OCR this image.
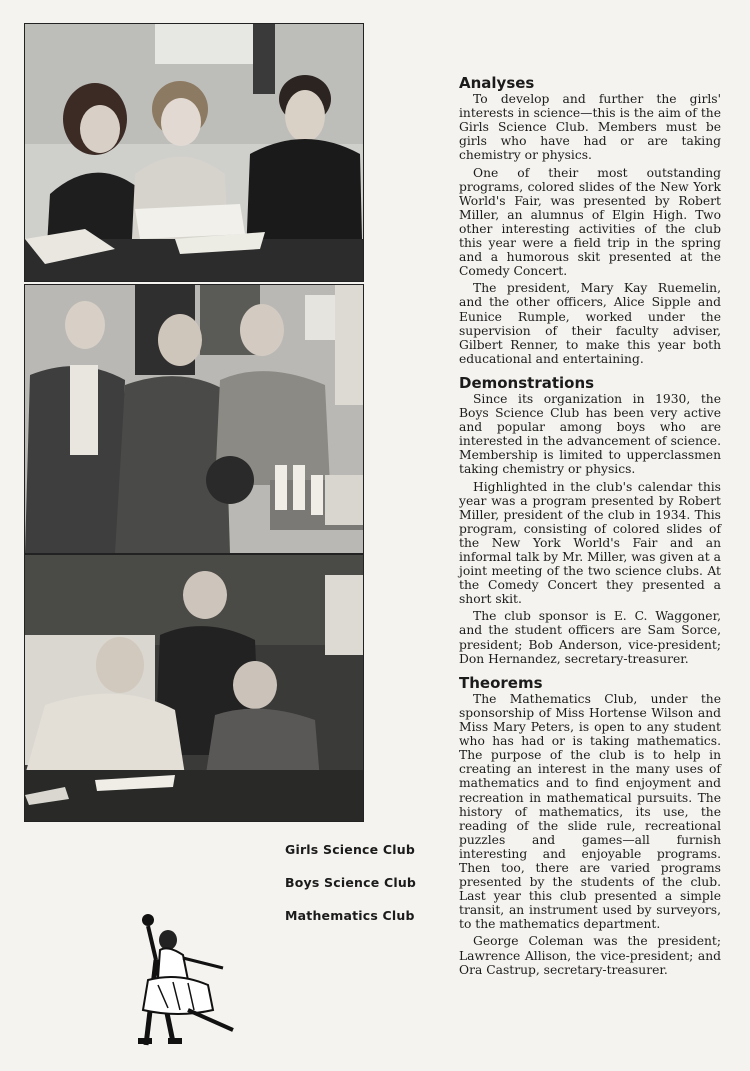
Girls Science Club
Boys Science Club
Mathematics Club
Analyses

To develop and further the girls' interests in science—this is the aim of the Girls Science Club. Members must be girls who have had or are taking chemistry or physics.

One of their most outstanding programs, colored slides of the New York World's Fair, was presented by Robert Miller, an alumnus of Elgin High. Two other interesting activities of the club this year were a field trip in the spring and a humorous skit presented at the Comedy Concert.

The president, Mary Kay Ruemelin, and the other officers, Alice Sipple and Eunice Rumple, worked under the supervision of their faculty adviser, Gilbert Renner, to make this year both educational and entertaining.

Demonstrations

Since its organization in 1930, the Boys Science Club has been very active and popular among boys who are interested in the advancement of science. Membership is limited to upperclassmen taking chemistry or physics.

Highlighted in the club's calendar this year was a program presented by Robert Miller, president of the club in 1934. This program, consisting of colored slides of the New York World's Fair and an informal talk by Mr. Miller, was given at a joint meeting of the two science clubs. At the Comedy Concert they presented a short skit.

The club sponsor is E. C. Waggoner, and the student officers are Sam Sorce, president; Bob Anderson, vice-president; Don Hernandez, secretary-treasurer.

Theorems

The Mathematics Club, under the sponsorship of Miss Hortense Wilson and Miss Mary Peters, is open to any student who has had or is taking mathematics. The purpose of the club is to help in creating an interest in the many uses of mathematics and to find enjoyment and recreation in mathematical pursuits. The history of mathematics, its use, the reading of the slide rule, recreational puzzles and games—all furnish interesting and enjoyable programs. Then too, there are varied programs presented by the students of the club. Last year this club presented a simple transit, an instrument used by surveyors, to the mathematics department.

George Coleman was the president; Lawrence Allison, the vice-president; and Ora Castrup, secretary-treasurer.
